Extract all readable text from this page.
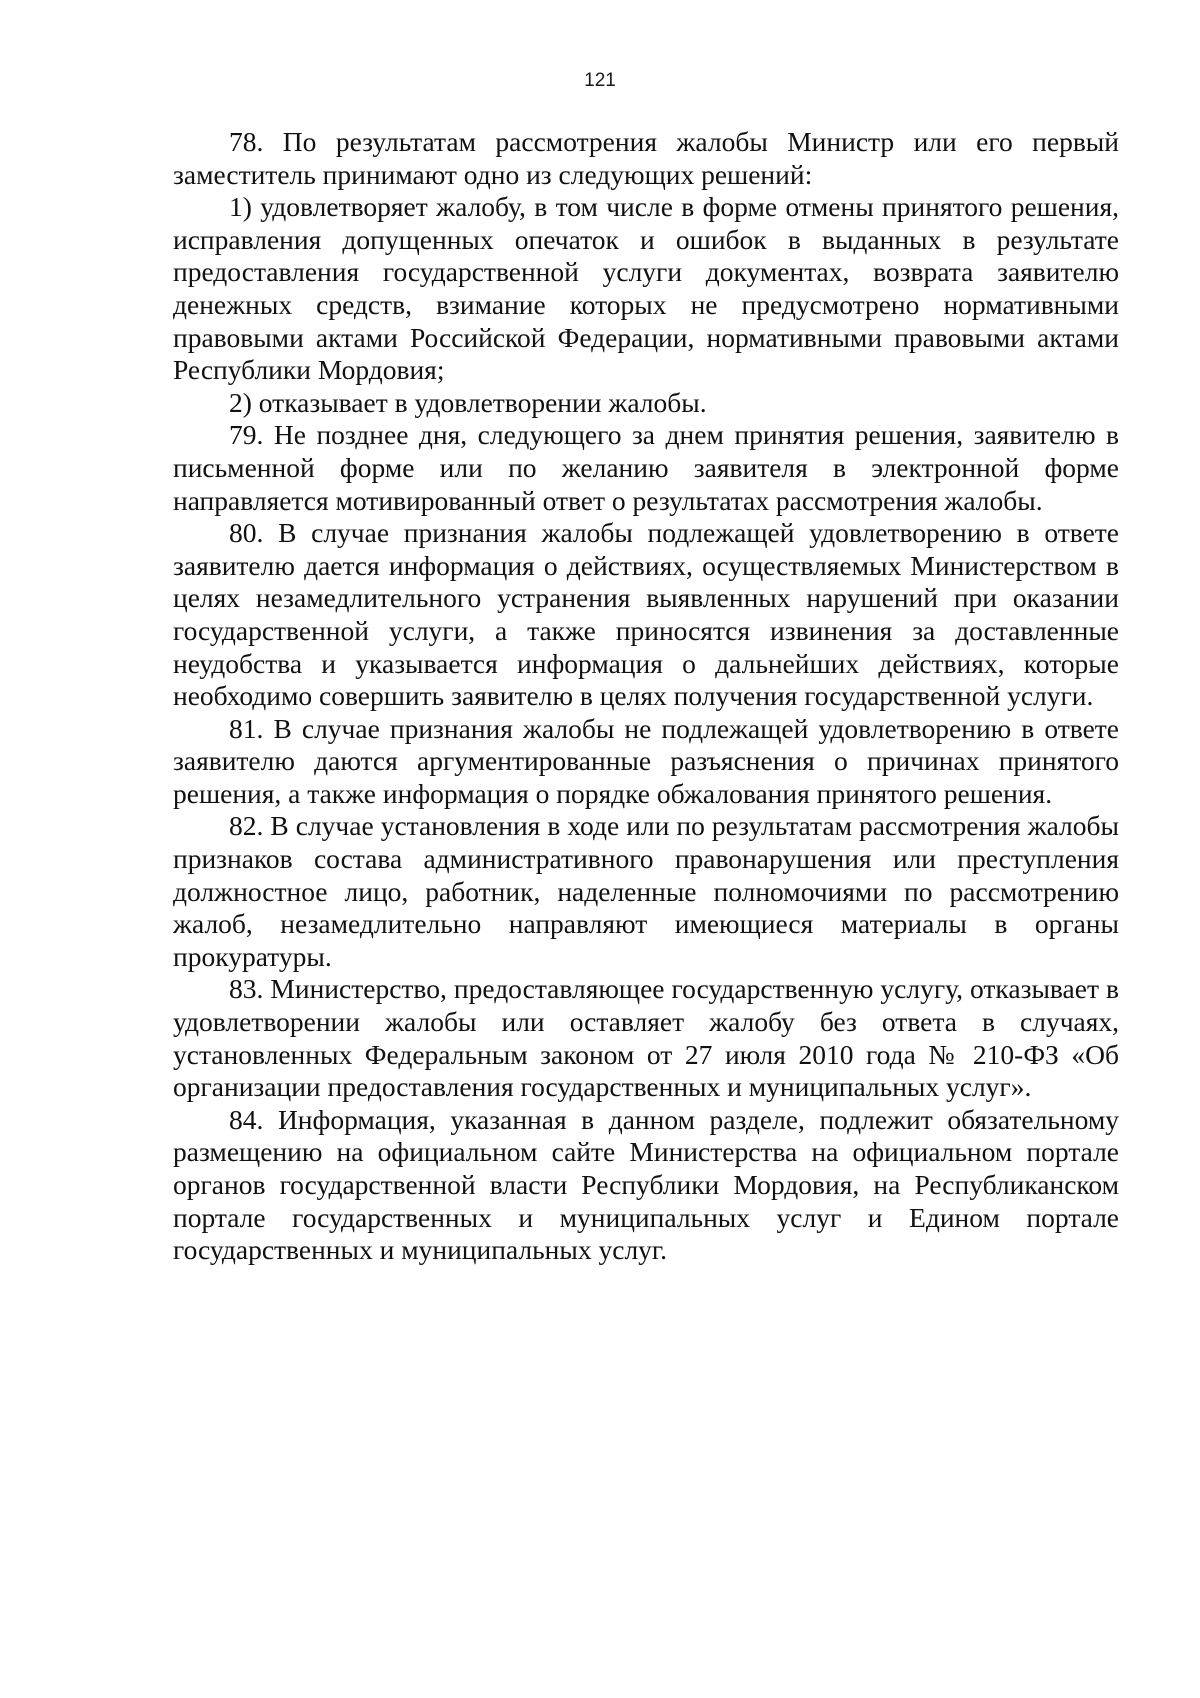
121

78. По результатам рассмотрения жалобы Министр или его первый заместитель принимают одно из следующих решений:

1) удовлетворяет жалобу, в том числе в форме отмены принятого решения, исправления допущенных опечаток и ошибок в выданных в результате предоставления государственной услуги документах, возврата заявителю денежных средств, взимание которых не предусмотрено нормативными правовыми актами Российской Федерации, нормативными правовыми актами Республики Мордовия;

2) отказывает в удовлетворении жалобы.

79. Не позднее дня, следующего за днем принятия решения, заявителю в письменной форме или по желанию заявителя в электронной форме направляется мотивированный ответ о результатах рассмотрения жалобы.

80. В случае признания жалобы подлежащей удовлетворению в ответе заявителю дается информация о действиях, осуществляемых Министерством в целях незамедлительного устранения выявленных нарушений при оказании государственной услуги, а также приносятся извинения за доставленные неудобства и указывается информация о дальнейших действиях, которые необходимо совершить заявителю в целях получения государственной услуги.

81. В случае признания жалобы не подлежащей удовлетворению в ответе заявителю даются аргументированные разъяснения о причинах принятого решения, а также информация о порядке обжалования принятого решения.

82. В случае установления в ходе или по результатам рассмотрения жалобы признаков состава административного правонарушения или преступления должностное лицо, работник, наделенные полномочиями по рассмотрению жалоб, незамедлительно направляют имеющиеся материалы в органы прокуратуры.

83. Министерство, предоставляющее государственную услугу, отказывает в удовлетворении жалобы или оставляет жалобу без ответа в случаях, установленных Федеральным законом от 27 июля 2010 года № 210-ФЗ «Об организации предоставления государственных и муниципальных услуг».

84. Информация, указанная в данном разделе, подлежит обязательному размещению на официальном сайте Министерства на официальном портале органов государственной власти Республики Мордовия, на Республиканском портале государственных и муниципальных услуг и Едином портале государственных и муниципальных услуг.
